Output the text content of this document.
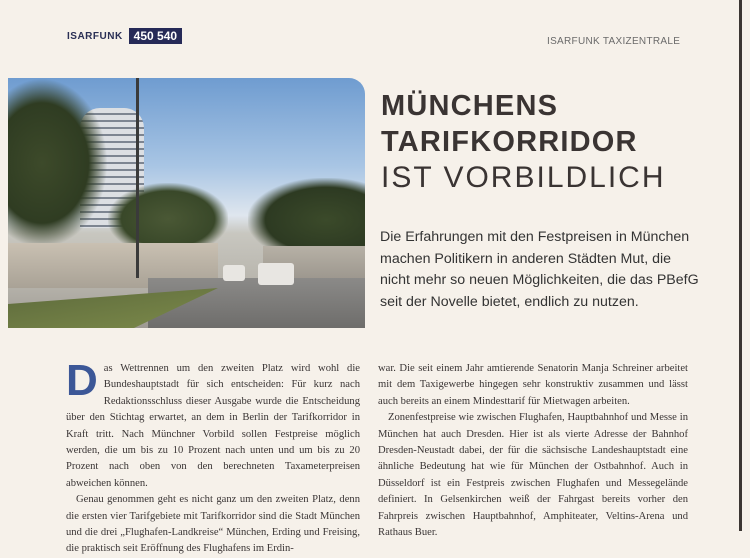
ISARFUNK 450 540	ISARFUNK TAXIZENTRALE
MÜNCHENS
TARIFKORRIDOR
IST VORBILDLICH
Die Erfahrungen mit den Festpreisen in München machen Politikern in anderen Städten Mut, die nicht mehr so neuen Möglichkeiten, die das PBefG seit der Novelle bietet, endlich zu nutzen.

Das Wettrennen um den zweiten Platz wird wohl die Bundeshauptstadt für sich entscheiden: Für kurz nach Redaktionsschluss dieser Ausgabe wurde die Entscheidung über den Stichtag erwartet, an dem in Berlin der Tarifkorridor in Kraft tritt. Nach Münchner Vorbild sollen Festpreise möglich werden, die um bis zu 10 Prozent nach unten und um bis zu 20 Prozent nach oben von den berechneten Taxameterpreisen abweichen können.

Genau genommen geht es nicht ganz um den zweiten Platz, denn die ersten vier Tarifgebiete mit Tarifkorridor sind die Stadt München und die drei „Flughafen-Landkreise“ München, Erding und Freising, die praktisch seit Eröffnung des Flughafens im Erdin-

war. Die seit einem Jahr amtierende Senatorin Manja Schreiner arbeitet mit dem Taxigewerbe hingegen sehr konstruktiv zusammen und lässt auch bereits an einem Mindesttarif für Mietwagen arbeiten.

Zonenfestpreise wie zwischen Flughafen, Hauptbahnhof und Messe in München hat auch Dresden. Hier ist als vierte Adresse der Bahnhof Dresden-Neustadt dabei, der für die sächsische Landeshauptstadt eine ähnliche Bedeutung hat wie für München der Ostbahnhof. Auch in Düsseldorf ist ein Festpreis zwischen Flughafen und Messegelände definiert. In Gelsenkirchen weiß der Fahrgast bereits vorher den Fahrpreis zwischen Hauptbahnhof, Amphiteater, Veltins-Arena und Rathaus Buer.
